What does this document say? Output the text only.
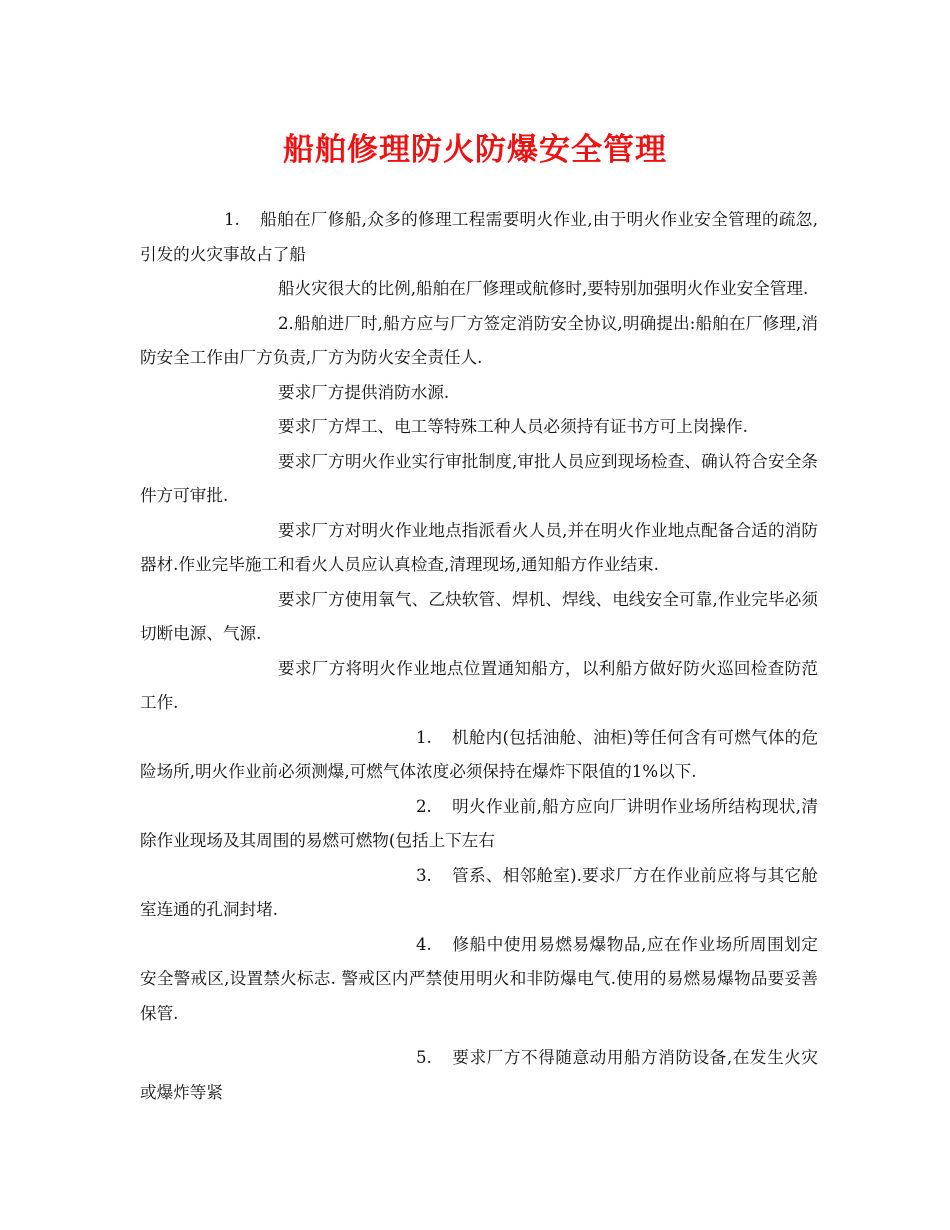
船舶修理防火防爆安全管理

1. 船舶在厂修船,众多的修理工程需要明火作业,由于明火作业安全管理的疏忽,引发的火灾事故占了船

船火灾很大的比例,船舶在厂修理或航修时,要特别加强明火作业安全管理.

2.船舶进厂时,船方应与厂方签定消防安全协议,明确提出:船舶在厂修理,消防安全工作由厂方负责,厂方为防火安全责任人.

要求厂方提供消防水源.

要求厂方焊工、电工等特殊工种人员必须持有证书方可上岗操作.

要求厂方明火作业实行审批制度,审批人员应到现场检查、确认符合安全条件方可审批.

要求厂方对明火作业地点指派看火人员,并在明火作业地点配备合适的消防器材.作业完毕施工和看火人员应认真检查,清理现场,通知船方作业结束.

要求厂方使用氧气、乙炔软管、焊机、焊线、电线安全可靠,作业完毕必须切断电源、气源.

要求厂方将明火作业地点位置通知船方，以利船方做好防火巡回检查防范工作.

1. 机舱内(包括油舱、油柜)等任何含有可燃气体的危险场所,明火作业前必须测爆,可燃气体浓度必须保持在爆炸下限值的1%以下.

2. 明火作业前,船方应向厂讲明作业场所结构现状,清除作业现场及其周围的易燃可燃物(包括上下左右

3. 管系、相邻舱室).要求厂方在作业前应将与其它舱室连通的孔洞封堵.

4. 修船中使用易燃易爆物品,应在作业场所周围划定安全警戒区,设置禁火标志. 警戒区内严禁使用明火和非防爆电气.使用的易燃易爆物品要妥善保管.

5. 要求厂方不得随意动用船方消防设备,在发生火灾或爆炸等紧
